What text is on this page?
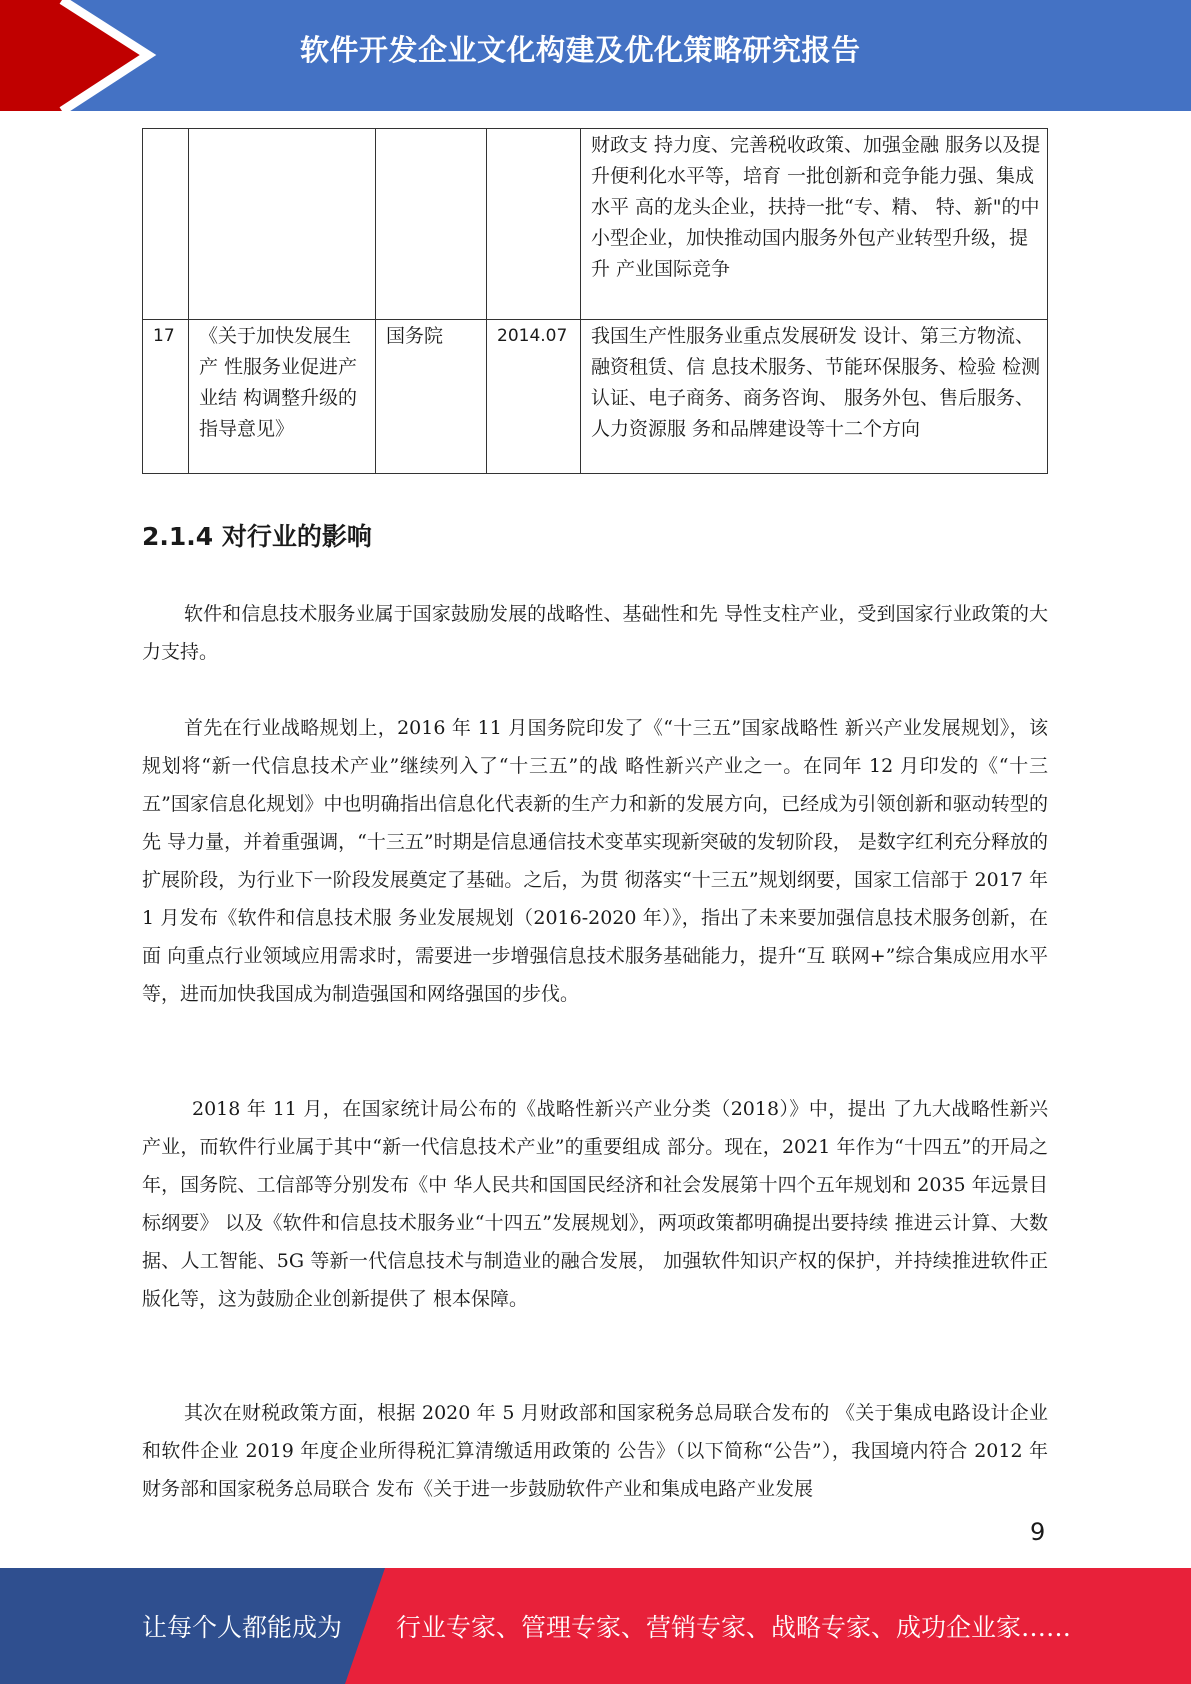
软件开发企业文化构建及优化策略研究报告
				财政支 持力度、完善税收政策、加强金融 服务以及提升便利化水平等，培育 一批创新和竞争能力强、集成水平 高的龙头企业，扶持一批“专、精、 特、新"的中小型企业，加快推动国内服务外包产业转型升级，提升 产业国际竞争
17	《关于加快发展生产 性服务业促进产业结 构调整升级的指导意见》	国务院	2014.07	我国生产性服务业重点发展研发 设计、第三方物流、融资租赁、信 息技术服务、节能环保服务、检验 检测认证、电子商务、商务咨询、 服务外包、售后服务、人力资源服 务和品牌建设等十二个方向
2.1.4 对行业的影响

软件和信息技术服务业属于国家鼓励发展的战略性、基础性和先 导性支柱产业，受到国家行业政策的大力支持。

首先在行业战略规划上，2016 年 11 月国务院印发了《“十三五”国家战略性 新兴产业发展规划》，该规划将“新一代信息技术产业”继续列入了“十三五”的战 略性新兴产业之一。在同年 12 月印发的《“十三五”国家信息化规划》中也明确指出信息化代表新的生产力和新的发展方向，已经成为引领创新和驱动转型的先 导力量，并着重强调，“十三五”时期是信息通信技术变革实现新突破的发轫阶段， 是数字红利充分释放的扩展阶段，为行业下一阶段发展奠定了基础。之后，为贯 彻落实“十三五”规划纲要，国家工信部于 2017 年 1 月发布《软件和信息技术服 务业发展规划（2016-2020 年）》，指出了未来要加强信息技术服务创新，在面 向重点行业领域应用需求时，需要进一步增强信息技术服务基础能力，提升“互 联网+”综合集成应用水平等，进而加快我国成为制造强国和网络强国的步伐。

2018 年 11 月，在国家统计局公布的《战略性新兴产业分类（2018）》中，提出 了九大战略性新兴产业，而软件行业属于其中“新一代信息技术产业”的重要组成 部分。现在，2021 年作为“十四五”的开局之年，国务院、工信部等分别发布《中 华人民共和国国民经济和社会发展第十四个五年规划和 2035 年远景目标纲要》 以及《软件和信息技术服务业“十四五”发展规划》，两项政策都明确提出要持续 推进云计算、大数据、人工智能、5G 等新一代信息技术与制造业的融合发展， 加强软件知识产权的保护，并持续推进软件正版化等，这为鼓励企业创新提供了 根本保障。

其次在财税政策方面，根据 2020 年 5 月财政部和国家税务总局联合发布的 《关于集成电路设计企业和软件企业 2019 年度企业所得税汇算清缴适用政策的 公告》（以下简称“公告”），我国境内符合 2012 年财务部和国家税务总局联合 发布《关于进一步鼓励软件产业和集成电路产业发展

9
让每个人都能成为 行业专家、管理专家、营销专家、战略专家、成功企业家……
